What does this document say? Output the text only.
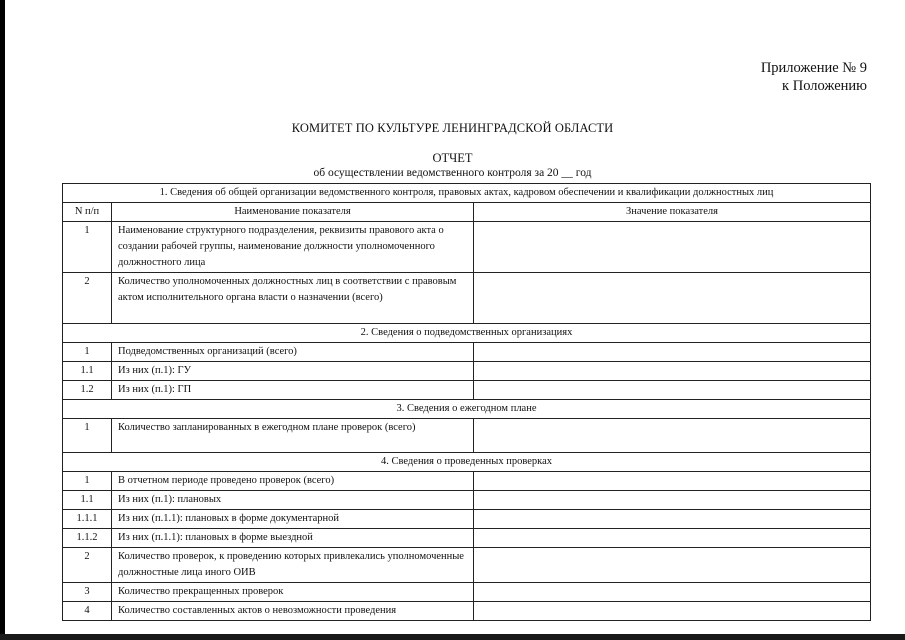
Приложение № 9
к Положению
КОМИТЕТ ПО КУЛЬТУРЕ ЛЕНИНГРАДСКОЙ ОБЛАСТИ
ОТЧЕТ
об осуществлении ведомственного контроля за 20 __ год
1. Сведения об общей организации ведомственного контроля, правовых актах, кадровом обеспечении и квалификации должностных лиц		
N п/п	Наименование показателя	Значение показателя
1	Наименование структурного подразделения, реквизиты правового акта о создании рабочей группы, наименование должности уполномоченного должностного лица	
2	Количество уполномоченных должностных лиц в соответствии с правовым актом исполнительного органа власти о назначении (всего)	
2. Сведения о подведомственных организациях		
1	Подведомственных организаций (всего)	
1.1	Из них (п.1): ГУ	
1.2	Из них (п.1): ГП	
3. Сведения о ежегодном плане		
1	Количество запланированных в ежегодном плане проверок (всего)	
4. Сведения о проведенных проверках		
1	В отчетном периоде проведено проверок (всего)	
1.1	Из них (п.1): плановых	
1.1.1	Из них (п.1.1): плановых в форме документарной	
1.1.2	Из них (п.1.1): плановых в форме выездной	
2	Количество проверок, к проведению которых привлекались уполномоченные должностные лица иного ОИВ	
3	Количество прекращенных проверок	
4	Количество составленных актов о невозможности проведения	
